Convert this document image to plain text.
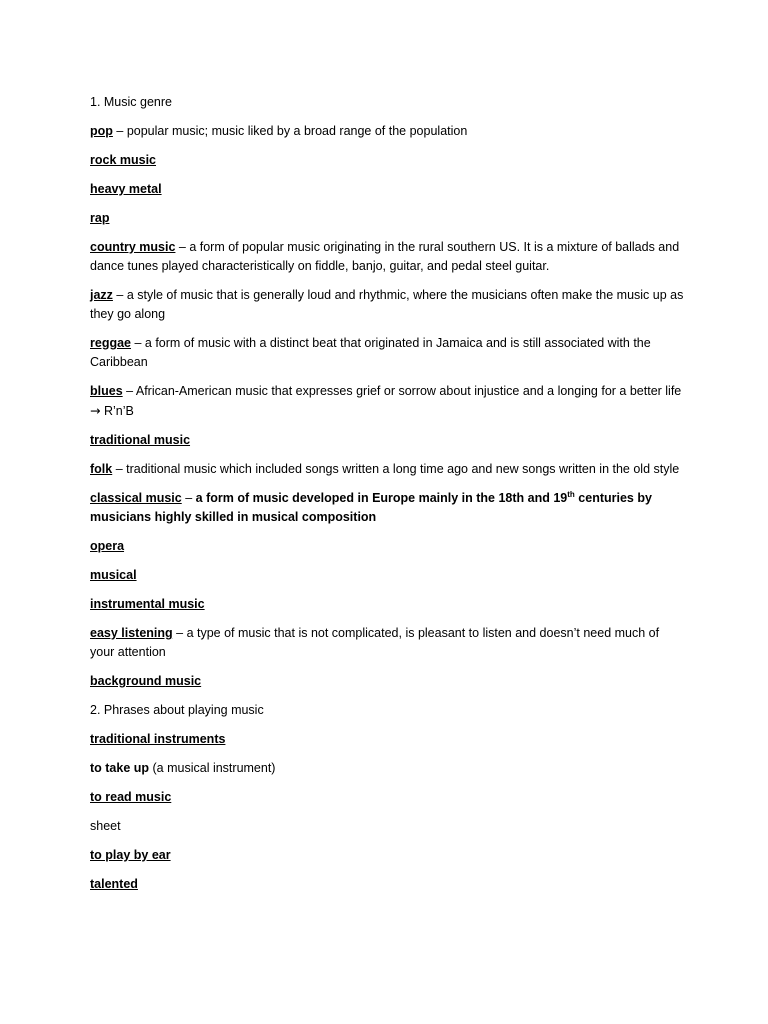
1. Music genre

pop – popular music; music liked by a broad range of the population

rock music

heavy metal

rap

country music – a form of popular music originating in the rural southern US. It is a mixture of ballads and dance tunes played characteristically on fiddle, banjo, guitar, and pedal steel guitar.

jazz – a style of music that is generally loud and rhythmic, where the musicians often make the music up as they go along

reggae – a form of music with a distinct beat that originated in Jamaica and is still associated with the Caribbean

blues – African-American music that expresses grief or sorrow about injustice and a longing for a better life → R’n’B

traditional music

folk – traditional music which included songs written a long time ago and new songs written in the old style

classical music – a form of music developed in Europe mainly in the 18th and 19th centuries by musicians highly skilled in musical composition

opera

musical

instrumental music

easy listening – a type of music that is not complicated, is pleasant to listen and doesn’t need much of your attention

background music

2. Phrases about playing music

traditional instruments

to take up (a musical instrument)

to read music

sheet

to play by ear

talented
